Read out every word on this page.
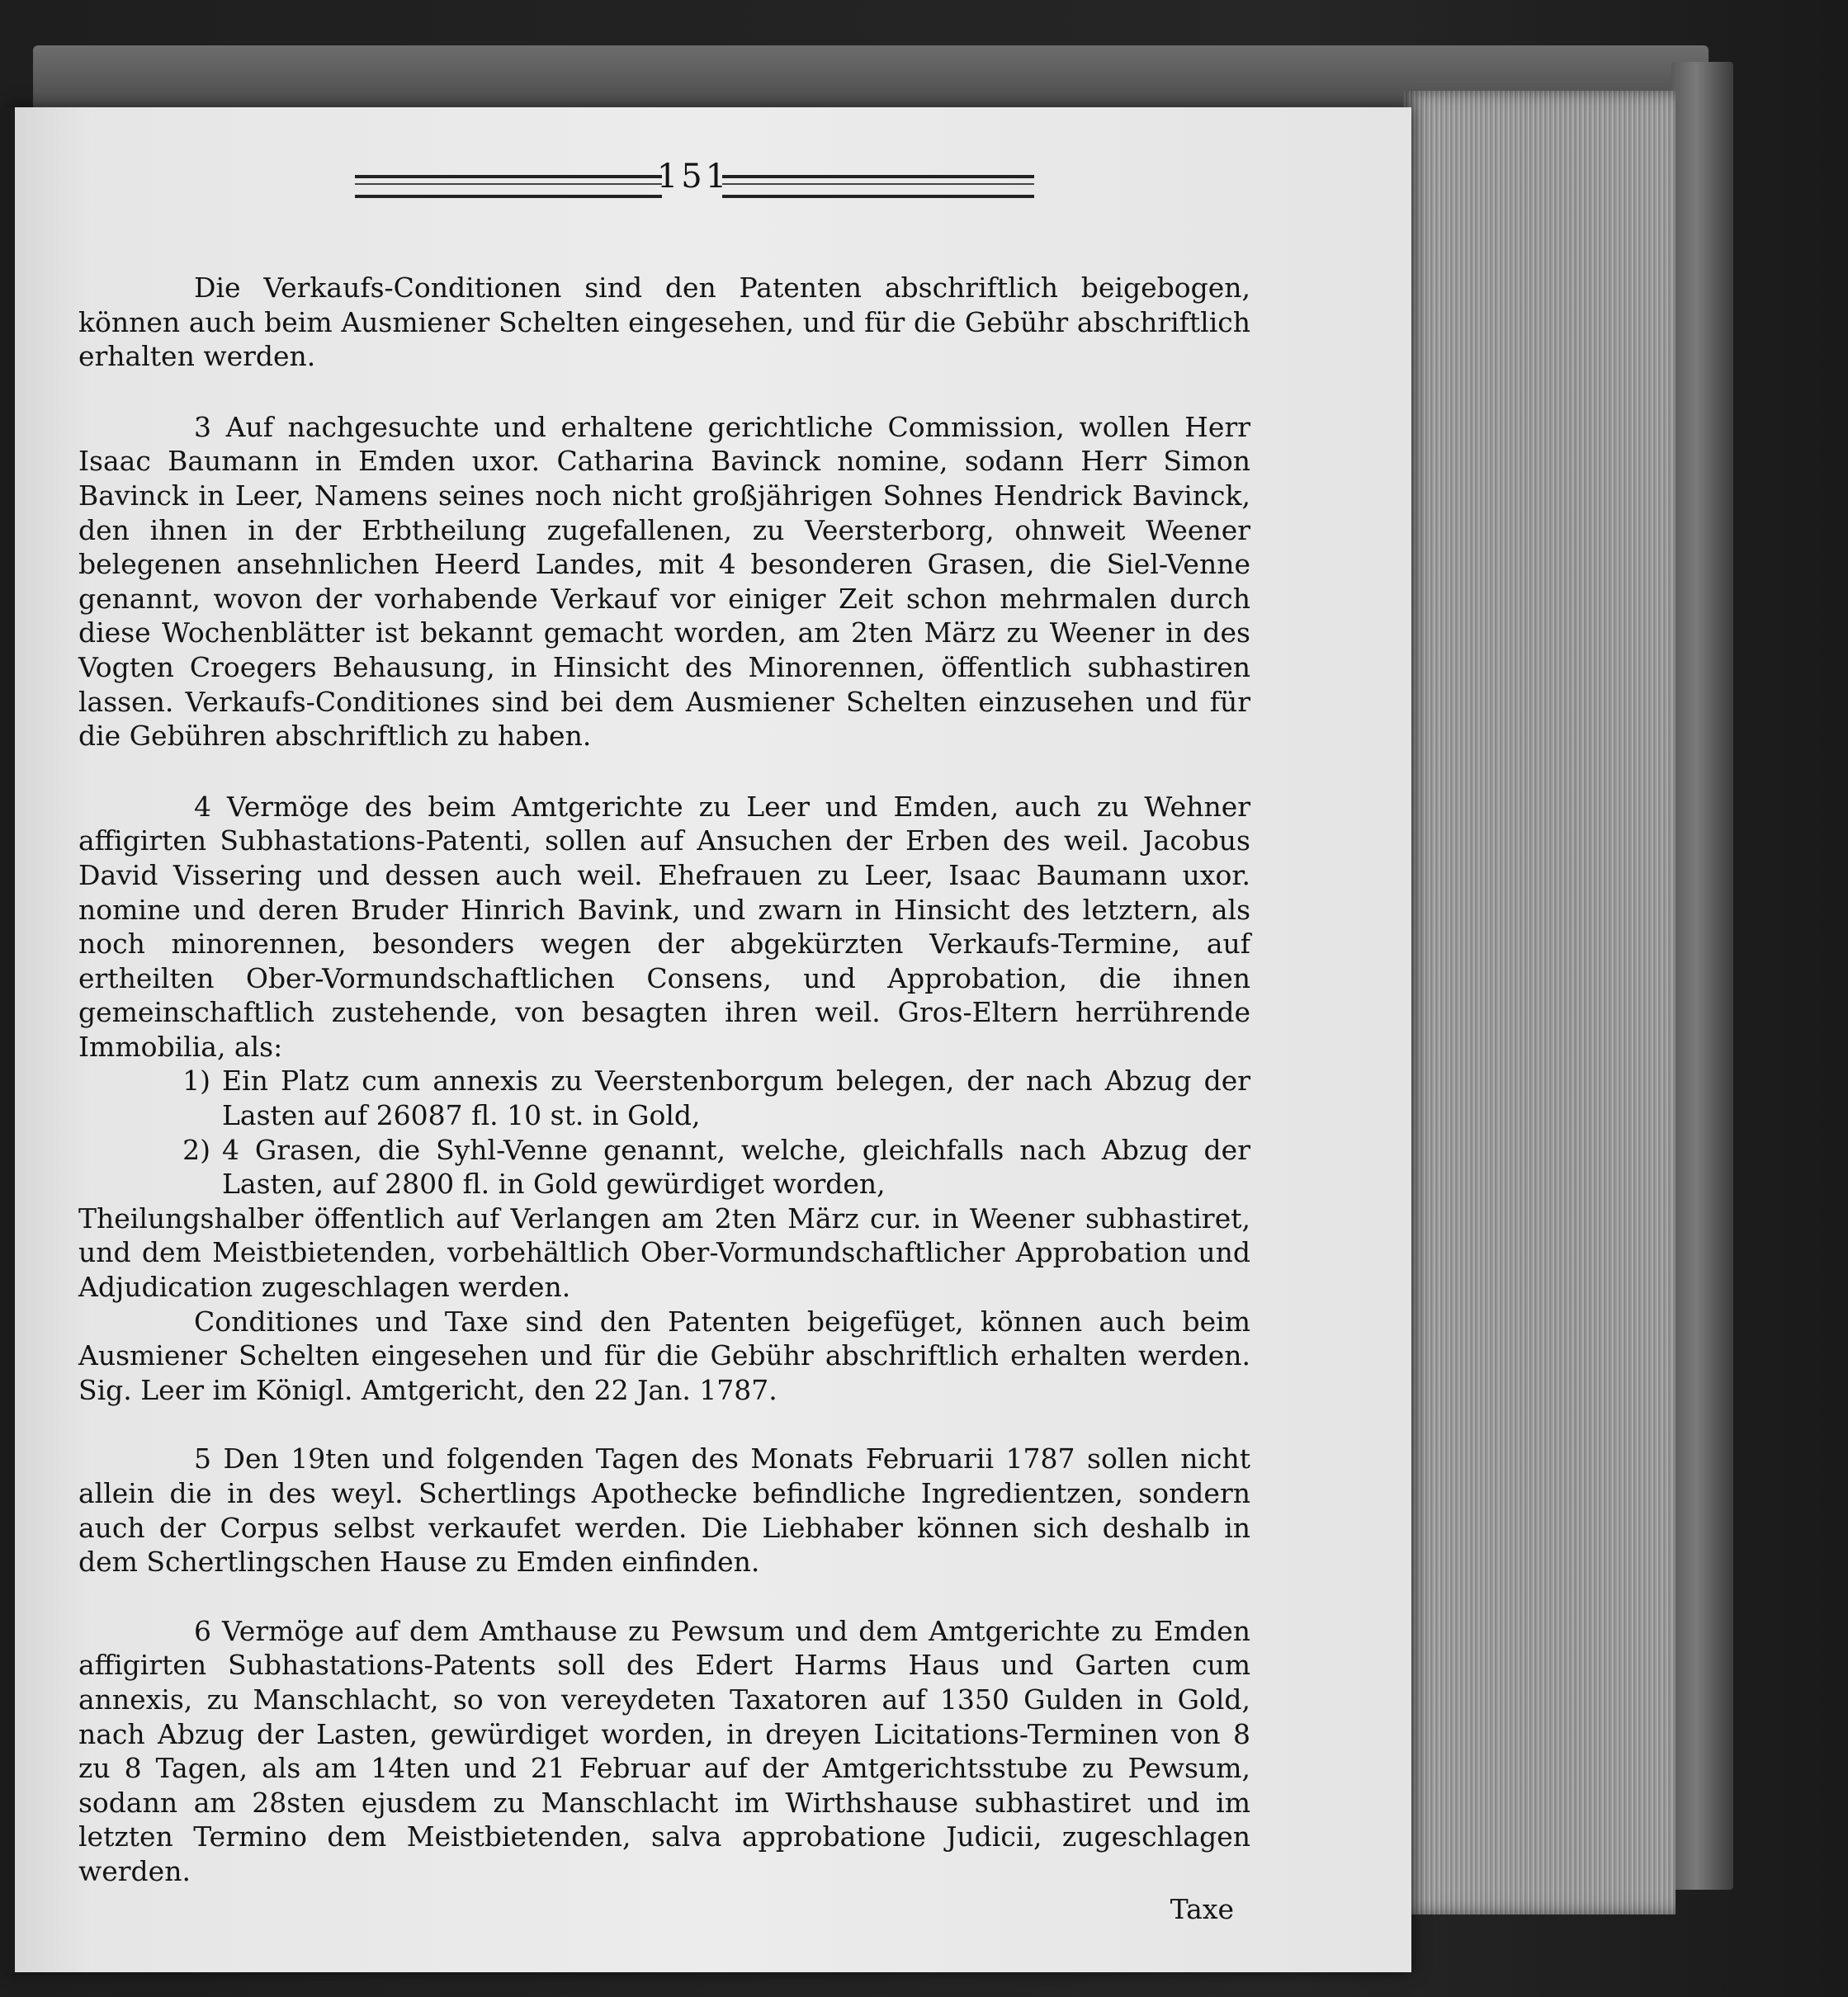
151

Die Verkaufs-Conditionen sind den Patenten abschriftlich beigebogen, können auch beim Ausmiener Schelten eingesehen, und für die Gebühr abschriftlich erhalten werden.

3 Auf nachgesuchte und erhaltene gerichtliche Commission, wollen Herr Isaac Baumann in Emden uxor. Catharina Bavinck nomine, sodann Herr Simon Bavinck in Leer, Namens seines noch nicht großjährigen Sohnes Hendrick Bavinck, den ihnen in der Erbtheilung zugefallenen, zu Veersterborg, ohnweit Weener belegenen ansehnlichen Heerd Landes, mit 4 besonderen Grasen, die Siel-Venne genannt, wovon der vorhabende Verkauf vor einiger Zeit schon mehrmalen durch diese Wochenblätter ist bekannt gemacht worden, am 2ten März zu Weener in des Vogten Croegers Behausung, in Hinsicht des Minorennen, öffentlich subhastiren lassen. Verkaufs-Conditiones sind bei dem Ausmiener Schelten einzusehen und für die Gebühren abschriftlich zu haben.

4 Vermöge des beim Amtgerichte zu Leer und Emden, auch zu Wehner affigirten Subhastations-Patenti, sollen auf Ansuchen der Erben des weil. Jacobus David Vissering und dessen auch weil. Ehefrauen zu Leer, Isaac Baumann uxor. nomine und deren Bruder Hinrich Bavink, und zwarn in Hinsicht des letztern, als noch minorennen, besonders wegen der abgekürzten Verkaufs-Termine, auf ertheilten Ober-Vormundschaftlichen Consens, und Approbation, die ihnen gemeinschaftlich zustehende, von besagten ihren weil. Gros-Eltern herrührende Immobilia, als:

1) Ein Platz cum annexis zu Veerstenborgum belegen, der nach Abzug der Lasten auf 26087 fl. 10 st. in Gold,
2) 4 Grasen, die Syhl-Venne genannt, welche, gleichfalls nach Abzug der Lasten, auf 2800 fl. in Gold gewürdiget worden,

Theilungshalber öffentlich auf Verlangen am 2ten März cur. in Weener subhastiret, und dem Meistbietenden, vorbehältlich Ober-Vormundschaftlicher Approbation und Adjudication zugeschlagen werden.

Conditiones und Taxe sind den Patenten beigefüget, können auch beim Ausmiener Schelten eingesehen und für die Gebühr abschriftlich erhalten werden. Sig. Leer im Königl. Amtgericht, den 22 Jan. 1787.

5 Den 19ten und folgenden Tagen des Monats Februarii 1787 sollen nicht allein die in des weyl. Schertlings Apothecke befindliche Ingredientzen, sondern auch der Corpus selbst verkaufet werden. Die Liebhaber können sich deshalb in dem Schertlingschen Hause zu Emden einfinden.

6 Vermöge auf dem Amthause zu Pewsum und dem Amtgerichte zu Emden affigirten Subhastations-Patents soll des Edert Harms Haus und Garten cum annexis, zu Manschlacht, so von vereydeten Taxatoren auf 1350 Gulden in Gold, nach Abzug der Lasten, gewürdiget worden, in dreyen Licitations-Terminen von 8 zu 8 Tagen, als am 14ten und 21 Februar auf der Amtgerichtsstube zu Pewsum, sodann am 28sten ejusdem zu Manschlacht im Wirthshause subhastiret und im letzten Termino dem Meistbietenden, salva approbatione Judicii, zugeschlagen werden.

Taxe
